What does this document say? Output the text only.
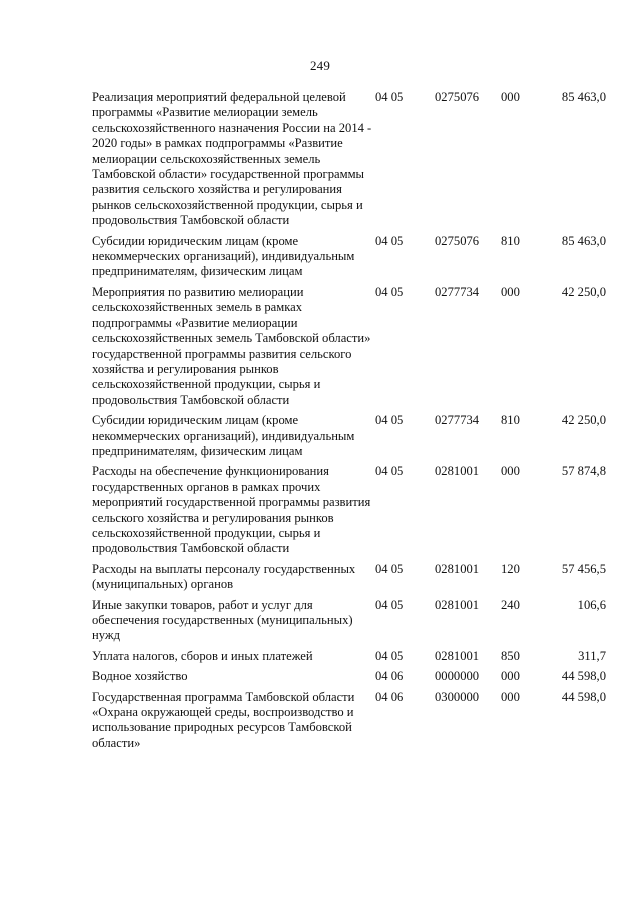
249
Реализация мероприятий федеральной целевой программы «Развитие мелиорации земель сельскохозяйственного назначения России на 2014 - 2020 годы» в рамках подпрограммы «Развитие мелиорации сельскохозяйственных земель Тамбовской области» государственной программы развития сельского хозяйства и регулирования рынков сельскохозяйственной продукции, сырья и продовольствия Тамбовской области	04 05	0275076	000	85 463,0
Субсидии юридическим лицам (кроме некоммерческих организаций), индивидуальным предпринимателям, физическим лицам	04 05	0275076	810	85 463,0
Мероприятия по развитию мелиорации сельскохозяйственных земель в рамках подпрограммы «Развитие мелиорации сельскохозяйственных земель Тамбовской области» государственной программы развития сельского хозяйства и регулирования рынков сельскохозяйственной продукции, сырья и продовольствия Тамбовской области	04 05	0277734	000	42 250,0
Субсидии юридическим лицам (кроме некоммерческих организаций), индивидуальным предпринимателям, физическим лицам	04 05	0277734	810	42 250,0
Расходы на обеспечение функционирования государственных органов в рамках прочих мероприятий государственной программы развития сельского хозяйства и регулирования рынков сельскохозяйственной продукции, сырья и продовольствия Тамбовской области	04 05	0281001	000	57 874,8
Расходы на выплаты персоналу государственных (муниципальных) органов	04 05	0281001	120	57 456,5
Иные закупки товаров, работ и услуг для обеспечения государственных (муниципальных) нужд	04 05	0281001	240	106,6
Уплата налогов, сборов и иных платежей	04 05	0281001	850	311,7
Водное хозяйство	04 06	0000000	000	44 598,0
Государственная программа Тамбовской области «Охрана окружающей среды, воспроизводство и использование природных ресурсов Тамбовской области»	04 06	0300000	000	44 598,0
